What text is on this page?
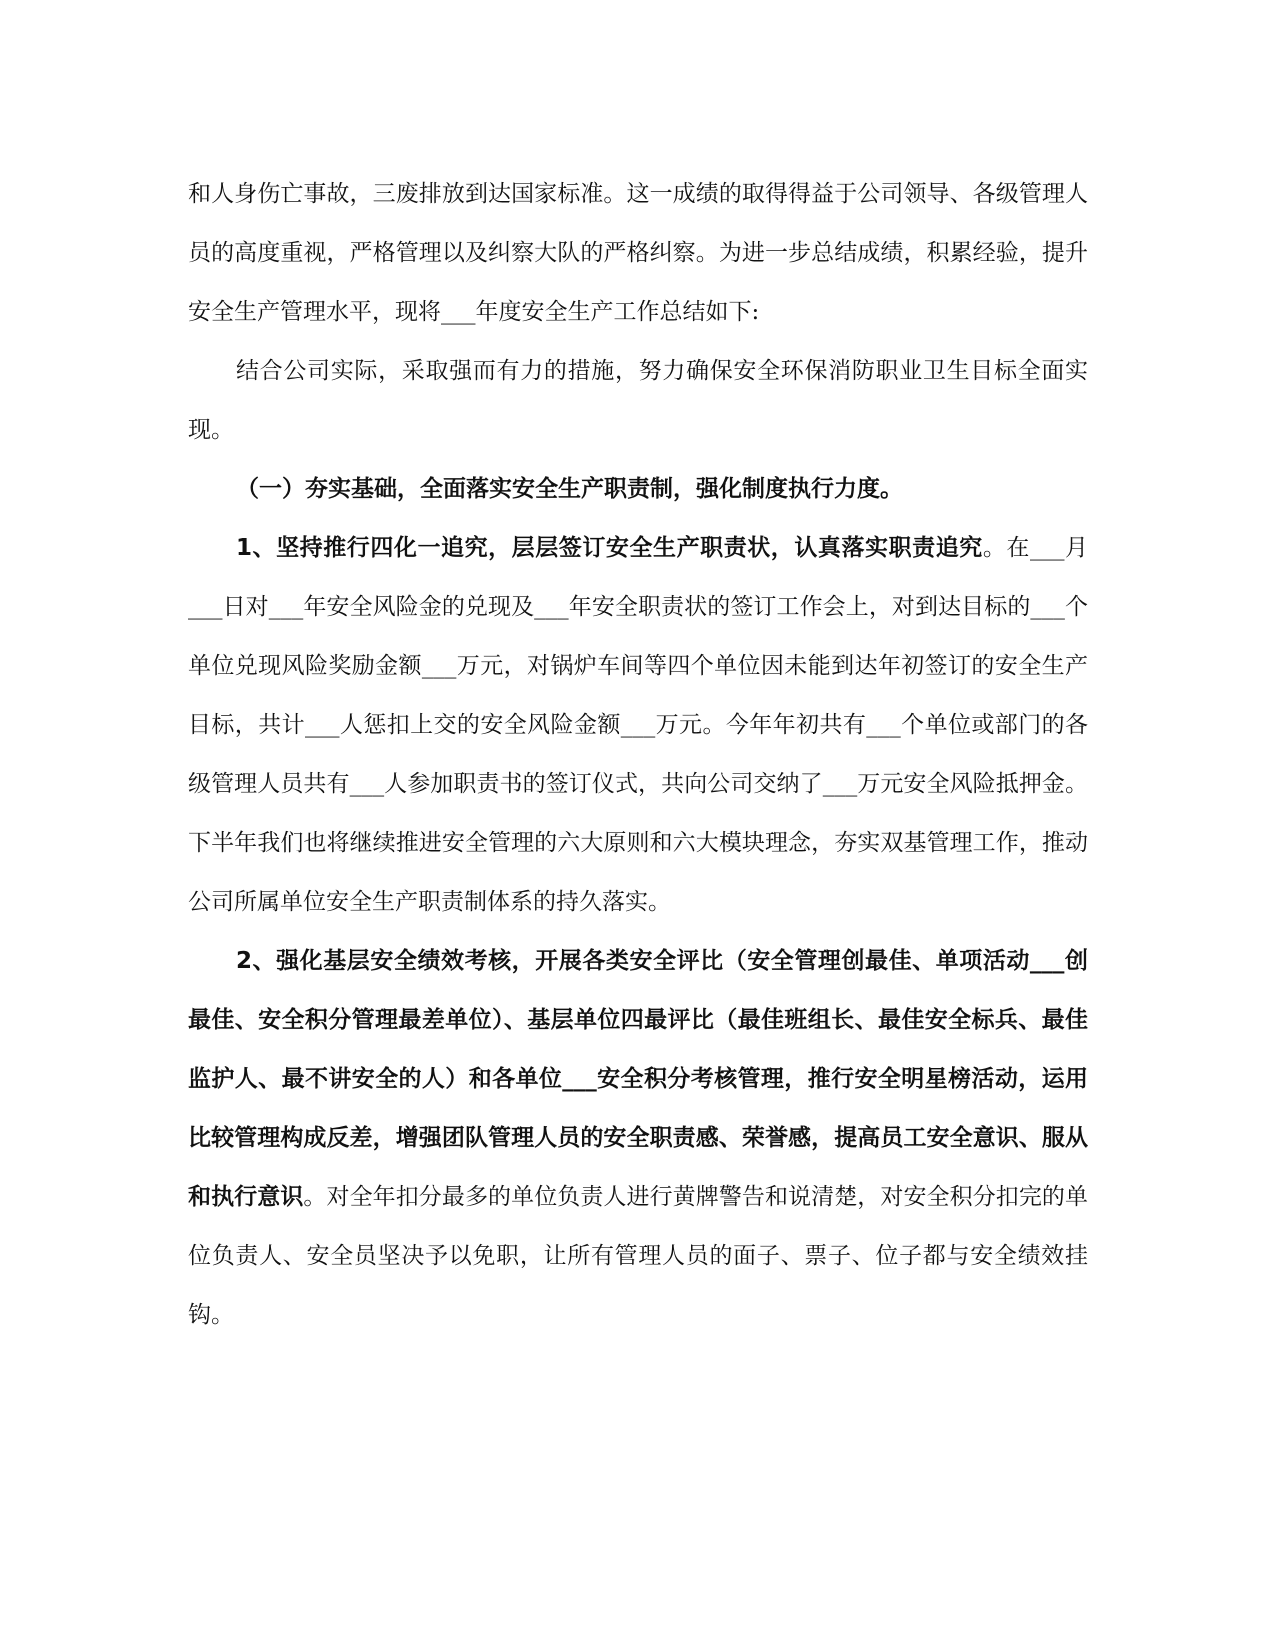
和人身伤亡事故，三废排放到达国家标准。这一成绩的取得得益于公司领导、各级管理人员的高度重视，严格管理以及纠察大队的严格纠察。为进一步总结成绩，积累经验，提升安全生产管理水平，现将___年度安全生产工作总结如下:

结合公司实际，采取强而有力的措施，努力确保安全环保消防职业卫生目标全面实现。

（一）夯实基础，全面落实安全生产职责制，强化制度执行力度。

1、坚持推行四化一追究，层层签订安全生产职责状，认真落实职责追究。在___月___日对___年安全风险金的兑现及___年安全职责状的签订工作会上，对到达目标的___个单位兑现风险奖励金额___万元，对锅炉车间等四个单位因未能到达年初签订的安全生产目标，共计___人惩扣上交的安全风险金额___万元。今年年初共有___个单位或部门的各级管理人员共有___人参加职责书的签订仪式，共向公司交纳了___万元安全风险抵押金。下半年我们也将继续推进安全管理的六大原则和六大模块理念，夯实双基管理工作，推动公司所属单位安全生产职责制体系的持久落实。

2、强化基层安全绩效考核，开展各类安全评比（安全管理创最佳、单项活动___创最佳、安全积分管理最差单位）、基层单位四最评比（最佳班组长、最佳安全标兵、最佳监护人、最不讲安全的人）和各单位___安全积分考核管理，推行安全明星榜活动，运用比较管理构成反差，增强团队管理人员的安全职责感、荣誉感，提高员工安全意识、服从和执行意识。对全年扣分最多的单位负责人进行黄牌警告和说清楚，对安全积分扣完的单位负责人、安全员坚决予以免职，让所有管理人员的面子、票子、位子都与安全绩效挂钩。
